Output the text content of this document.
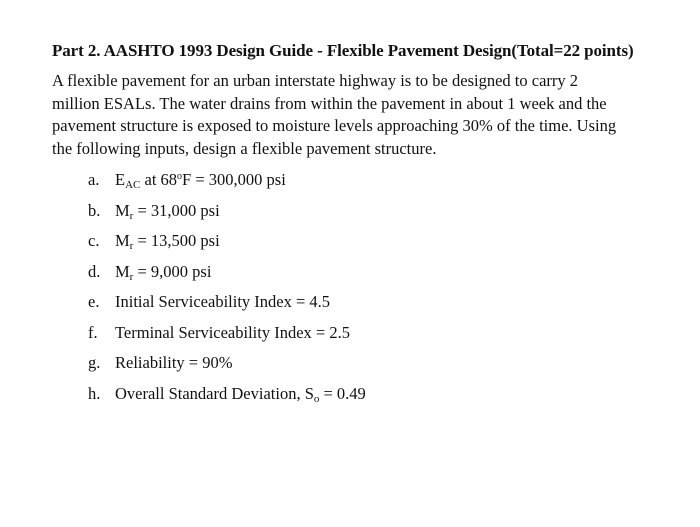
Part 2. AASHTO 1993 Design Guide - Flexible Pavement Design(Total=22 points)
A flexible pavement for an urban interstate highway is to be designed to carry 2
million ESALs. The water drains from within the pavement in about 1 week and the
pavement structure is exposed to moisture levels approaching 30% of the time. Using
the following inputs, design a flexible pavement structure.
a. $E_{AC}$ at $68^oF = 300,000$ psi
b. $M_r = 31,000$ psi
c. $M_r = 13,500$ psi
d. $M_r = 9,000$ psi
e. Initial Serviceability Index = 4.5
f.	Terminal Serviceability Index = 2.5
g. Reliability = 90%
h. Overall Standard Deviation, $S_o = 0.49$
